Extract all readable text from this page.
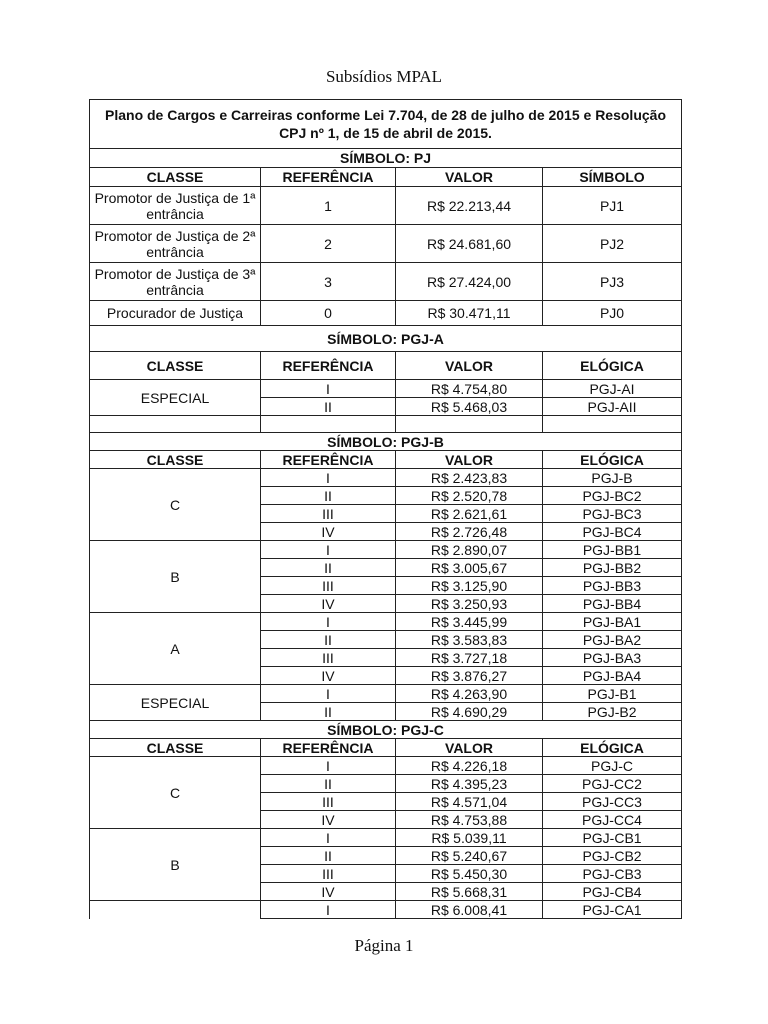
Subsídios MPAL
Plano de Cargos e Carreiras conforme Lei 7.704, de 28 de julho de 2015 e Resolução CPJ nº 1, de 15 de abril de 2015.			
SÍMBOLO: PJ			
CLASSE	REFERÊNCIA	VALOR	SÍMBOLO
Promotor de Justiça de 1ª entrância	1	R$ 22.213,44	PJ1
Promotor de Justiça de 2ª entrância	2	R$ 24.681,60	PJ2
Promotor de Justiça de 3ª entrância	3	R$ 27.424,00	PJ3
Procurador de Justiça	0	R$ 30.471,11	PJ0
SÍMBOLO: PGJ-A			
CLASSE	REFERÊNCIA	VALOR	ELÓGICA
ESPECIAL	I	R$ 4.754,80	PGJ-AI
	II	R$ 5.468,03	PGJ-AII

SÍMBOLO: PGJ-B			
CLASSE	REFERÊNCIA	VALOR	ELÓGICA
C	I	R$ 2.423,83	PGJ-B
	II	R$ 2.520,78	PGJ-BC2
	III	R$ 2.621,61	PGJ-BC3
	IV	R$ 2.726,48	PGJ-BC4
B	I	R$ 2.890,07	PGJ-BB1
	II	R$ 3.005,67	PGJ-BB2
	III	R$ 3.125,90	PGJ-BB3
	IV	R$ 3.250,93	PGJ-BB4
A	I	R$ 3.445,99	PGJ-BA1
	II	R$ 3.583,83	PGJ-BA2
	III	R$ 3.727,18	PGJ-BA3
	IV	R$ 3.876,27	PGJ-BA4
ESPECIAL	I	R$ 4.263,90	PGJ-B1
	II	R$ 4.690,29	PGJ-B2
SÍMBOLO: PGJ-C			
CLASSE	REFERÊNCIA	VALOR	ELÓGICA
C	I	R$ 4.226,18	PGJ-C
	II	R$ 4.395,23	PGJ-CC2
	III	R$ 4.571,04	PGJ-CC3
	IV	R$ 4.753,88	PGJ-CC4
B	I	R$ 5.039,11	PGJ-CB1
	II	R$ 5.240,67	PGJ-CB2
	III	R$ 5.450,30	PGJ-CB3
	IV	R$ 5.668,31	PGJ-CB4
	I	R$ 6.008,41	PGJ-CA1
Página 1
